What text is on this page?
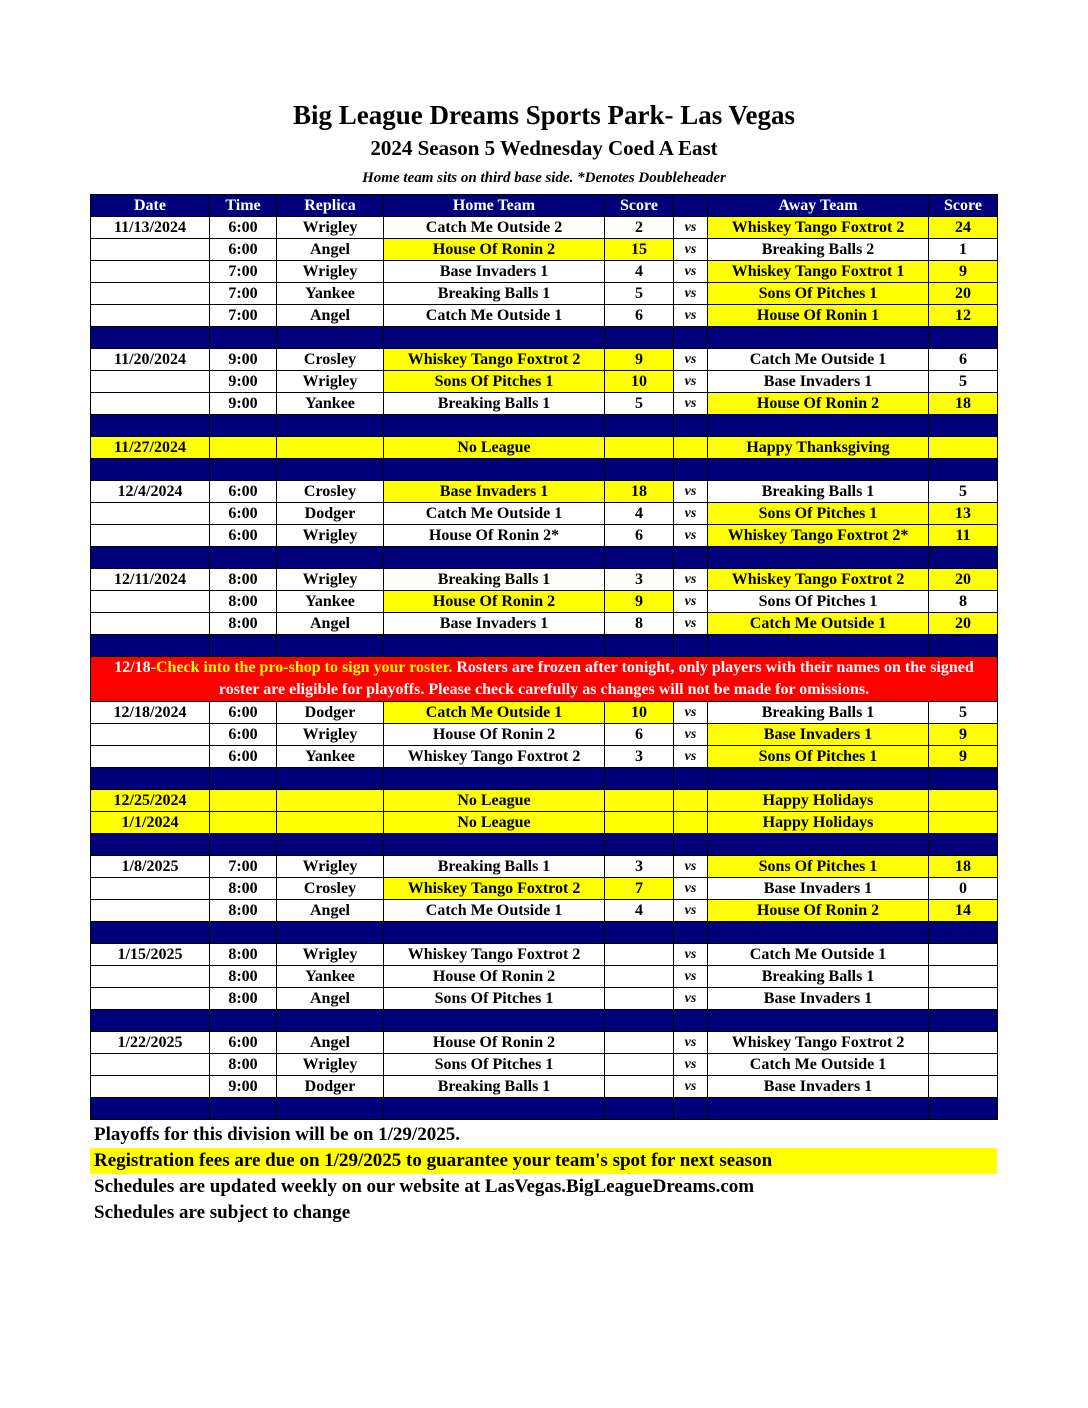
Big League Dreams Sports Park- Las Vegas
2024 Season 5 Wednesday Coed A East
Home team sits on third base side. *Denotes Doubleheader
Date	Time	Replica	Home Team	Score		Away Team	Score
11/13/2024	6:00	Wrigley	Catch Me Outside 2	2	vs	Whiskey Tango Foxtrot 2	24
	6:00	Angel	House Of Ronin 2	15	vs	Breaking Balls 2	1
	7:00	Wrigley	Base Invaders 1	4	vs	Whiskey Tango Foxtrot 1	9
	7:00	Yankee	Breaking Balls 1	5	vs	Sons Of Pitches 1	20
	7:00	Angel	Catch Me Outside 1	6	vs	House Of Ronin 1	12

11/20/2024	9:00	Crosley	Whiskey Tango Foxtrot 2	9	vs	Catch Me Outside 1	6
	9:00	Wrigley	Sons Of Pitches 1	10	vs	Base Invaders 1	5
	9:00	Yankee	Breaking Balls 1	5	vs	House Of Ronin 2	18

11/27/2024			No League			Happy Thanksgiving	

12/4/2024	6:00	Crosley	Base Invaders 1	18	vs	Breaking Balls 1	5
	6:00	Dodger	Catch Me Outside 1	4	vs	Sons Of Pitches 1	13
	6:00	Wrigley	House Of Ronin 2*	6	vs	Whiskey Tango Foxtrot 2*	11

12/11/2024	8:00	Wrigley	Breaking Balls 1	3	vs	Whiskey Tango Foxtrot 2	20
	8:00	Yankee	House Of Ronin 2	9	vs	Sons Of Pitches 1	8
	8:00	Angel	Base Invaders 1	8	vs	Catch Me Outside 1	20

12/18-Check into the pro-shop to sign your roster. Rosters are frozen after tonight, only players with their names on the signed roster are eligible for playoffs. Please check carefully as changes will not be made for omissions.							
12/18/2024	6:00	Dodger	Catch Me Outside 1	10	vs	Breaking Balls 1	5
	6:00	Wrigley	House Of Ronin 2	6	vs	Base Invaders 1	9
	6:00	Yankee	Whiskey Tango Foxtrot 2	3	vs	Sons Of Pitches 1	9

12/25/2024			No League			Happy Holidays	
1/1/2024			No League			Happy Holidays	

1/8/2025	7:00	Wrigley	Breaking Balls 1	3	vs	Sons Of Pitches 1	18
	8:00	Crosley	Whiskey Tango Foxtrot 2	7	vs	Base Invaders 1	0
	8:00	Angel	Catch Me Outside 1	4	vs	House Of Ronin 2	14

1/15/2025	8:00	Wrigley	Whiskey Tango Foxtrot 2		vs	Catch Me Outside 1	
	8:00	Yankee	House Of Ronin 2		vs	Breaking Balls 1	
	8:00	Angel	Sons Of Pitches 1		vs	Base Invaders 1	

1/22/2025	6:00	Angel	House Of Ronin 2		vs	Whiskey Tango Foxtrot 2	
	8:00	Wrigley	Sons Of Pitches 1		vs	Catch Me Outside 1	
	9:00	Dodger	Breaking Balls 1		vs	Base Invaders 1	

Playoffs for this division will be on 1/29/2025.
Registration fees are due on 1/29/2025 to guarantee your team's spot for next season
Schedules are updated weekly on our website at LasVegas.BigLeagueDreams.com
Schedules are subject to change
